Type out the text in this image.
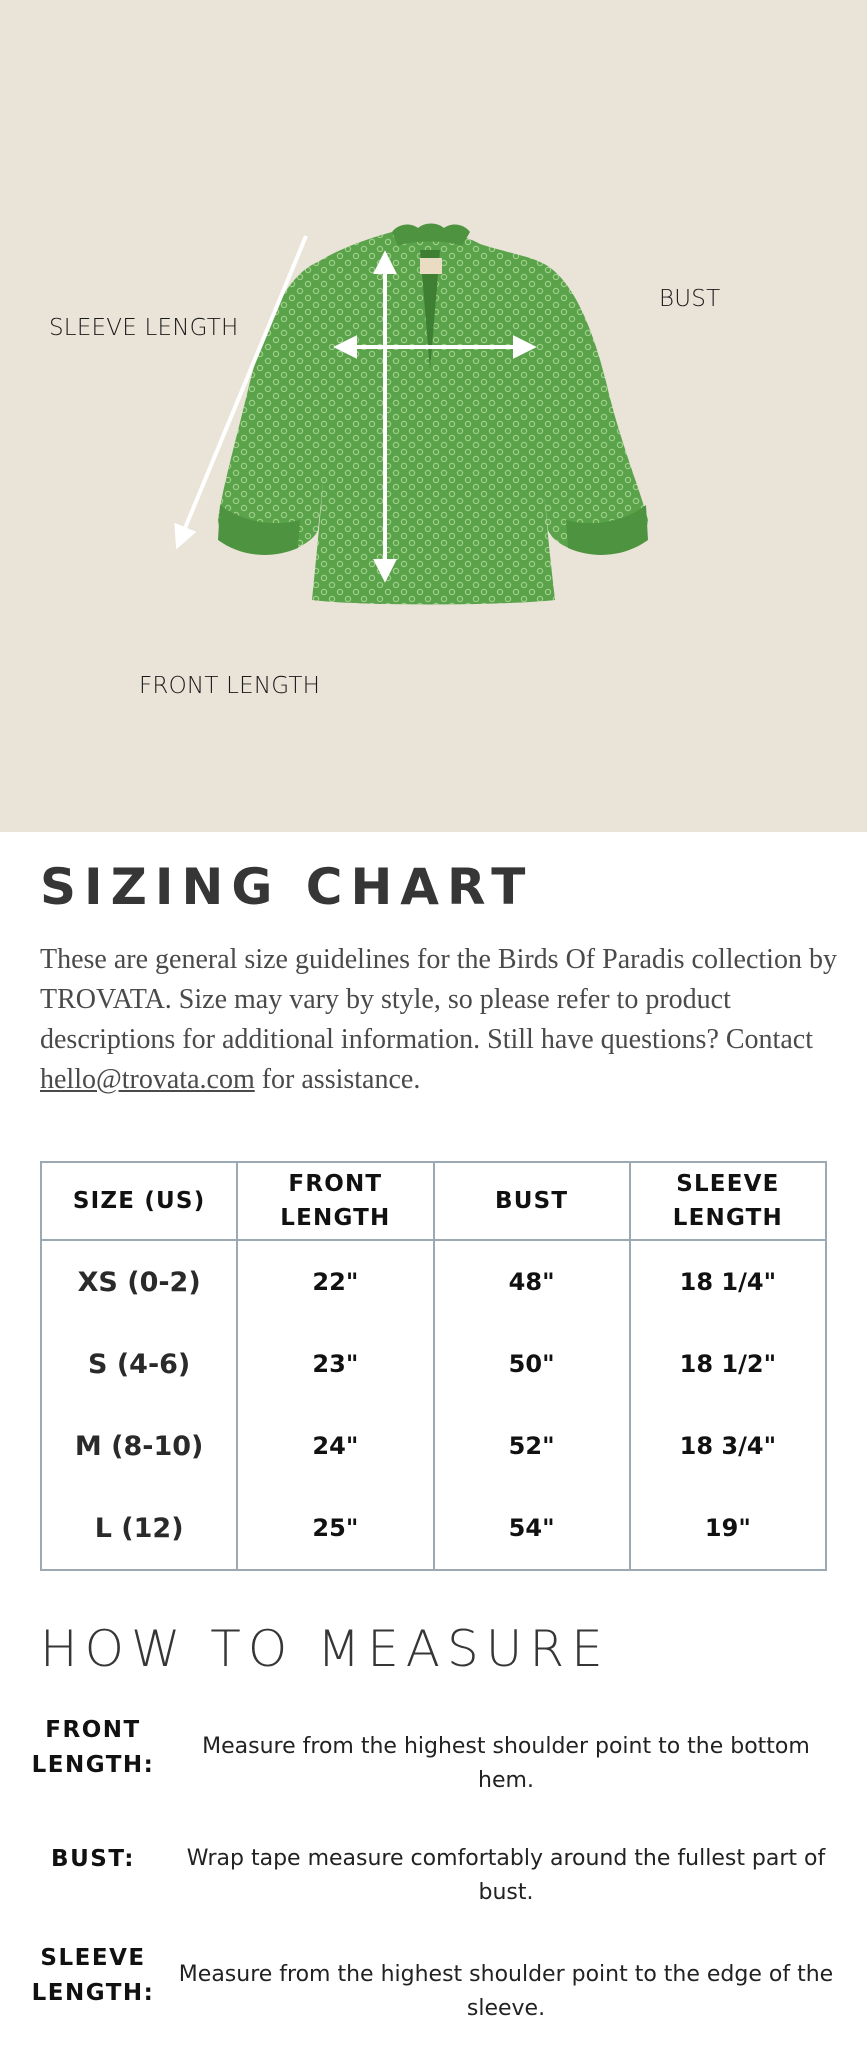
SLEEVE LENGTH
BUST
FRONT LENGTH
SIZING CHART

These are general size guidelines for the Birds Of Paradis collection by TROVATA. Size may vary by style, so please refer to product descriptions for additional information. Still have questions? Contact hello@trovata.com for assistance.

SIZE (US)	FRONT LENGTH	BUST	SLEEVE LENGTH
XS (0-2)	22"	48"	18 1/4"
S (4-6)	23"	50"	18 1/2"
M (8-10)	24"	52"	18 3/4"
L (12)	25"	54"	19"
HOW TO MEASURE
FRONT LENGTH:
Measure from the highest shoulder point to the bottom hem.
BUST:	Wrap tape measure comfortably around the fullest part of bust.
SLEEVE LENGTH:
Measure from the highest shoulder point to the edge of the sleeve.
